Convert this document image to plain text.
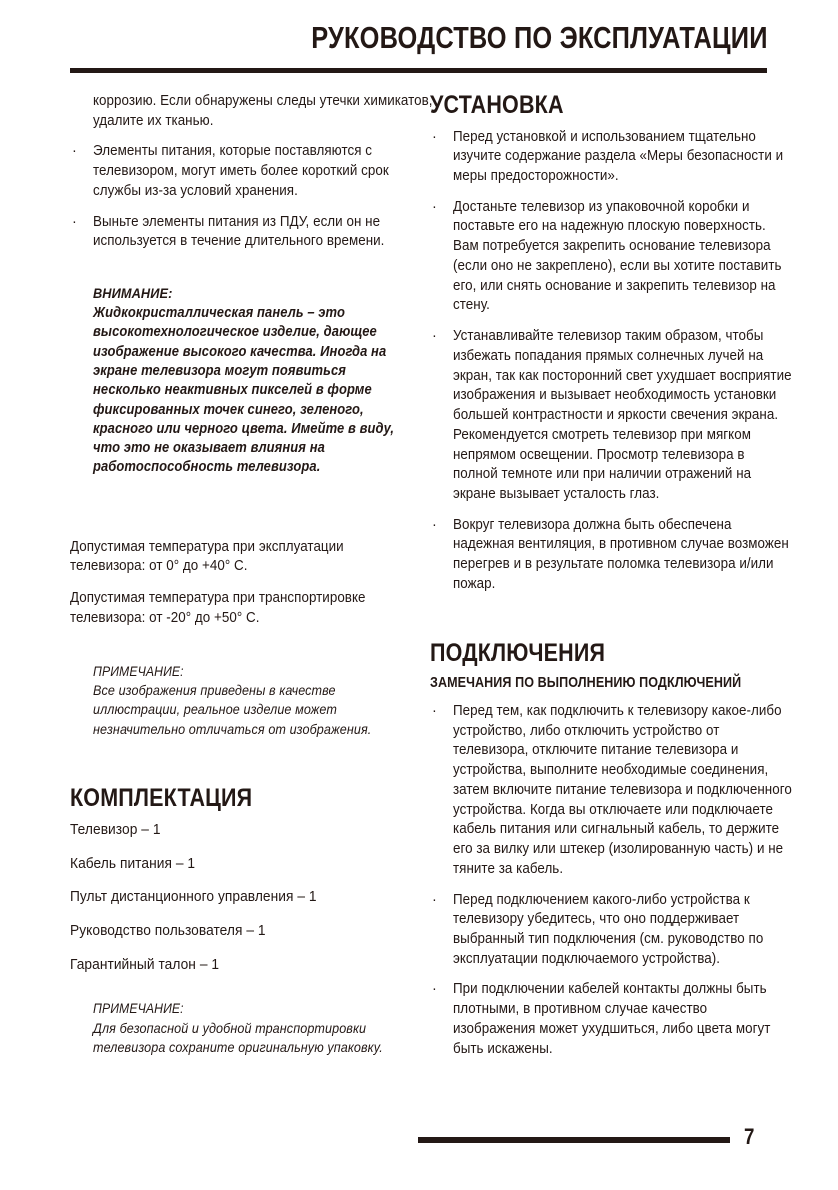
РУКОВОДСТВО ПО ЭКСПЛУАТАЦИИ
коррозию. Если обнаружены следы утечки химикатов, удалите их тканью.
· Элементы питания, которые поставляются с телевизором, могут иметь более короткий срок службы из-за условий хранения.
· Выньте элементы питания из ПДУ, если он не используется в течение длительного времени.
ВНИМАНИЕ:
Жидкокристаллическая панель – это высокотехнологическое изделие, дающее изображение высокого качества. Иногда на экране телевизора могут появиться несколько неактивных пикселей в форме фиксированных точек синего, зеленого, красного или черного цвета. Имейте в виду, что это не оказывает влияния на работоспособность телевизора.
Допустимая температура при эксплуатации телевизора: от 0° до +40° С.
Допустимая температура при транспортировке телевизора: от -20° до +50° С.
ПРИМЕЧАНИЕ:
Все изображения приведены в качестве иллюстрации, реальное изделие может незначительно отличаться от изображения.
КОМПЛЕКТАЦИЯ
Телевизор – 1
Кабель питания – 1
Пульт дистанционного управления – 1
Руководство пользователя – 1
Гарантийный талон – 1
ПРИМЕЧАНИЕ:
Для безопасной и удобной транспортировки телевизора сохраните оригинальную упаковку.
УСТАНОВКА
· Перед установкой и использованием тщательно изучите содержание раздела «Меры безопасности и меры предосторожности».
· Достаньте телевизор из упаковочной коробки и поставьте его на надежную плоскую поверхность. Вам потребуется закрепить основание телевизора (если оно не закреплено), если вы хотите поставить его, или снять основание и закрепить телевизор на стену.
· Устанавливайте телевизор таким образом, чтобы избежать попадания прямых солнечных лучей на экран, так как посторонний свет ухудшает восприятие изображения и вызывает необходимость установки большей контрастности и яркости свечения экрана. Рекомендуется смотреть телевизор при мягком непрямом освещении. Просмотр телевизора в полной темноте или при наличии отражений на экране вызывает усталость глаз.
· Вокруг телевизора должна быть обеспечена надежная вентиляция, в противном случае возможен перегрев и в результате поломка телевизора и/или пожар.
ПОДКЛЮЧЕНИЯ
ЗАМЕЧАНИЯ ПО ВЫПОЛНЕНИЮ ПОДКЛЮЧЕНИЙ
· Перед тем, как подключить к телевизору какое-либо устройство, либо отключить устройство от телевизора, отключите питание телевизора и устройства, выполните необходимые соединения, затем включите питание телевизора и подключенного устройства. Когда вы отключаете или подключаете кабель питания или сигнальный кабель, то держите его за вилку или штекер (изолированную часть) и не тяните за кабель.
· Перед подключением какого-либо устройства к телевизору убедитесь, что оно поддерживает выбранный тип подключения (см. руководство по эксплуатации подключаемого устройства).
· При подключении кабелей контакты должны быть плотными, в противном случае качество изображения может ухудшиться, либо цвета могут быть искажены.
7
